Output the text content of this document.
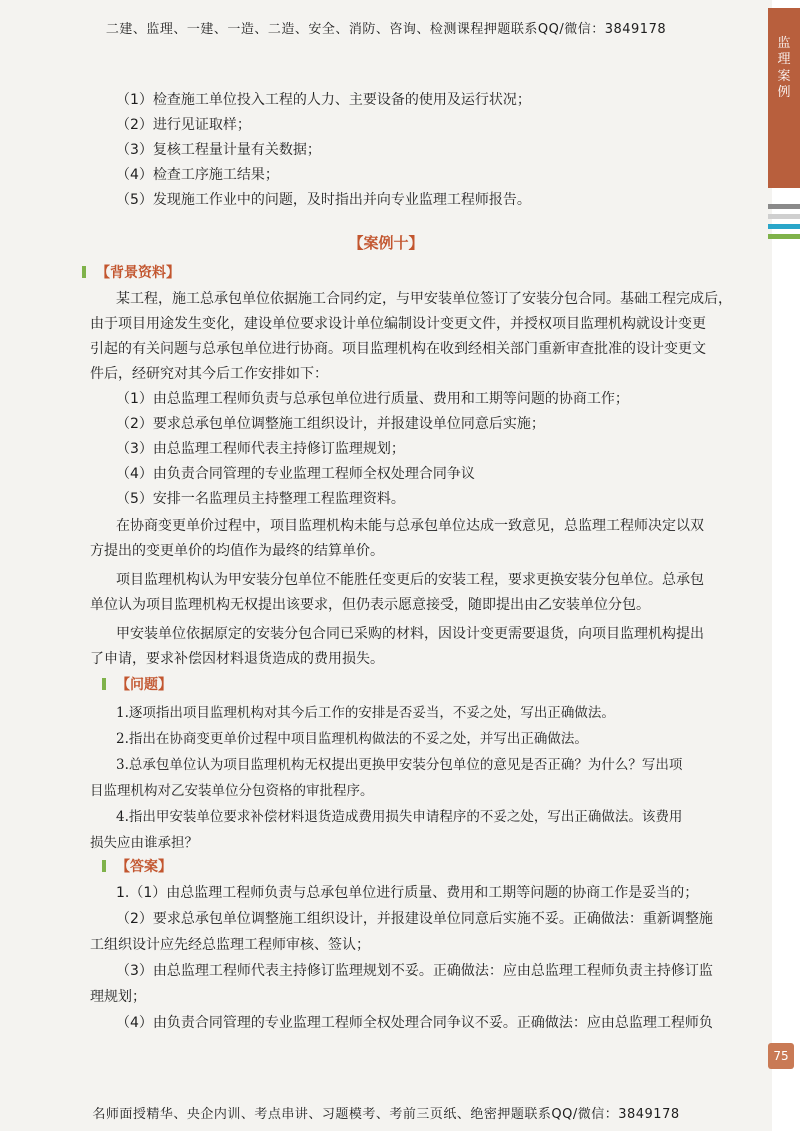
二建、监理、一建、一造、二造、安全、消防、咨询、检测课程押题联系QQ/微信：3849178
（1）检查施工单位投入工程的人力、主要设备的使用及运行状况；
（2）进行见证取样；
（3）复核工程量计量有关数据；
（4）检查工序施工结果；
（5）发现施工作业中的问题，及时指出并向专业监理工程师报告。
【案例十】
【背景资料】
某工程，施工总承包单位依据施工合同约定，与甲安装单位签订了安装分包合同。基础工程完成后，
由于项目用途发生变化，建设单位要求设计单位编制设计变更文件，并授权项目监理机构就设计变更
引起的有关问题与总承包单位进行协商。项目监理机构在收到经相关部门重新审查批准的设计变更文
件后，经研究对其今后工作安排如下：
（1）由总监理工程师负责与总承包单位进行质量、费用和工期等问题的协商工作；
（2）要求总承包单位调整施工组织设计，并报建设单位同意后实施；
（3）由总监理工程师代表主持修订监理规划；
（4）由负责合同管理的专业监理工程师全权处理合同争议
（5）安排一名监理员主持整理工程监理资料。
在协商变更单价过程中，项目监理机构未能与总承包单位达成一致意见，总监理工程师决定以双
方提出的变更单价的均值作为最终的结算单价。
项目监理机构认为甲安装分包单位不能胜任变更后的安装工程，要求更换安装分包单位。总承包
单位认为项目监理机构无权提出该要求，但仍表示愿意接受，随即提出由乙安装单位分包。
甲安装单位依据原定的安装分包合同已采购的材料，因设计变更需要退货，向项目监理机构提出
了申请，要求补偿因材料退货造成的费用损失。
【问题】
1.逐项指出项目监理机构对其今后工作的安排是否妥当，不妥之处，写出正确做法。
2.指出在协商变更单价过程中项目监理机构做法的不妥之处，并写出正确做法。
3.总承包单位认为项目监理机构无权提出更换甲安装分包单位的意见是否正确？为什么？写出项
目监理机构对乙安装单位分包资格的审批程序。
4.指出甲安装单位要求补偿材料退货造成费用损失申请程序的不妥之处，写出正确做法。该费用
损失应由谁承担？
【答案】
1.（1）由总监理工程师负责与总承包单位进行质量、费用和工期等问题的协商工作是妥当的；
（2）要求总承包单位调整施工组织设计，并报建设单位同意后实施不妥。正确做法：重新调整施
工组织设计应先经总监理工程师审核、签认；
（3）由总监理工程师代表主持修订监理规划不妥。正确做法：应由总监理工程师负责主持修订监
理规划；
（4）由负责合同管理的专业监理工程师全权处理合同争议不妥。正确做法：应由总监理工程师负
名师面授精华、央企内训、考点串讲、习题模考、考前三页纸、绝密押题联系QQ/微信：3849178
监
理
案
例
75
